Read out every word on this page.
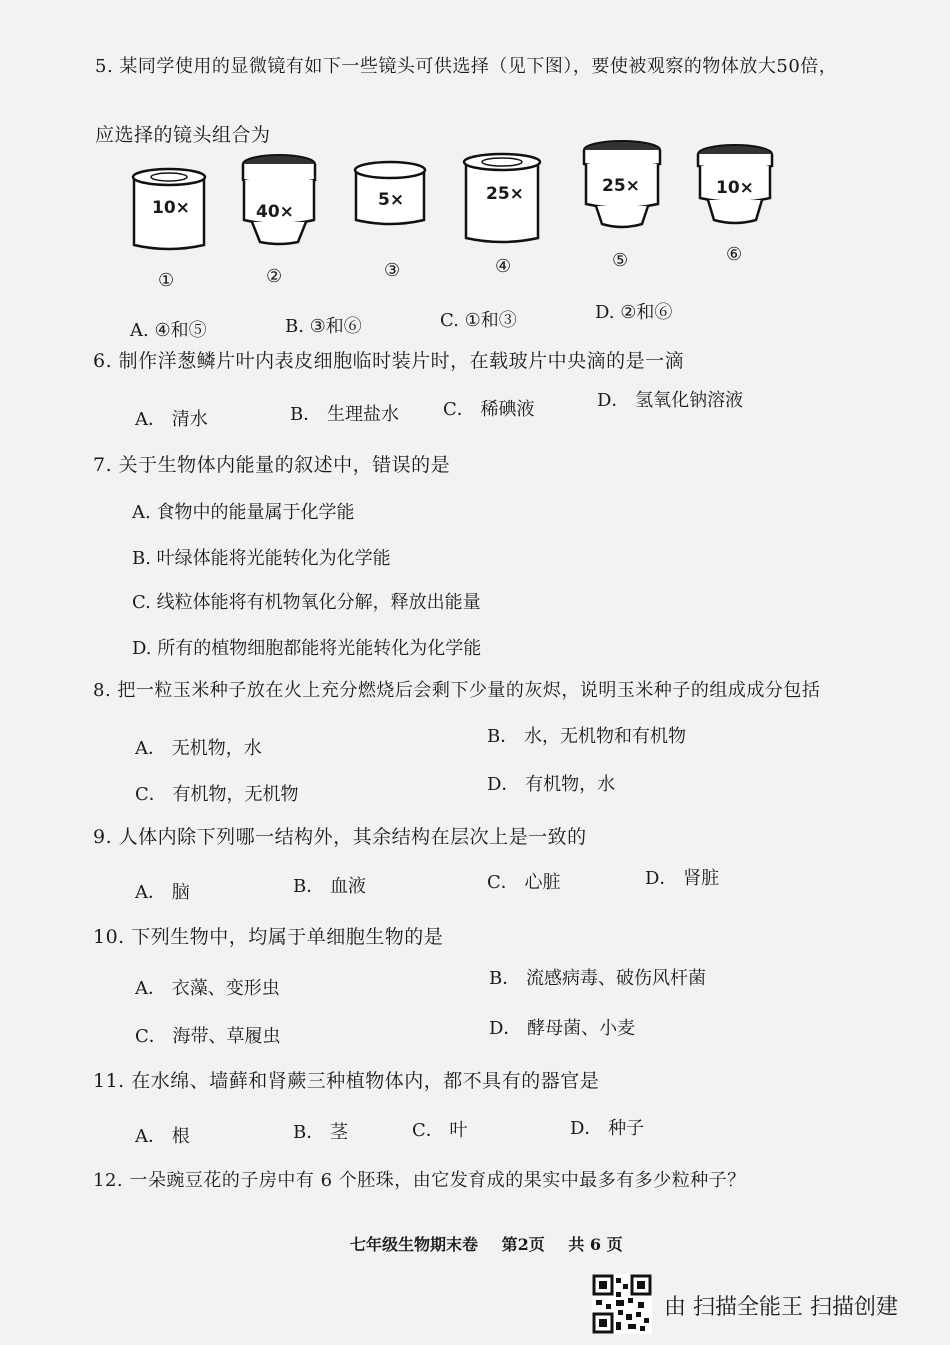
5. 某同学使用的显微镜有如下一些镜头可供选择（见下图），要使被观察的物体放大50倍，
应选择的镜头组合为
10×
①
40×
②
5×
③
25×
④
25×
⑤
10×
⑥
A. ④和⑤	B. ③和⑥	C. ①和③	D. ②和⑥
6. 制作洋葱鳞片叶内表皮细胞临时装片时，在载玻片中央滴的是一滴
A． 清水	B． 生理盐水 C． 稀碘液	D． 氢氧化钠溶液
7. 关于生物体内能量的叙述中，错误的是
A. 食物中的能量属于化学能
B. 叶绿体能将光能转化为化学能
C. 线粒体能将有机物氧化分解，释放出能量
D. 所有的植物细胞都能将光能转化为化学能
8. 把一粒玉米种子放在火上充分燃烧后会剩下少量的灰烬，说明玉米种子的组成成分包括
A． 无机物，水
B． 水，无机物和有机物
C． 有机物，无机物	D． 有机物，水
9. 人体内除下列哪一结构外，其余结构在层次上是一致的
A． 脑	B． 血液	C． 心脏	D． 肾脏
10. 下列生物中，均属于单细胞生物的是
A． 衣藻、变形虫	B． 流感病毒、破伤风杆菌
C． 海带、草履虫	D． 酵母菌、小麦
11. 在水绵、墙藓和肾蕨三种植物体内，都不具有的器官是
A． 根	B． 茎	C． 叶	D． 种子
12. 一朵豌豆花的子房中有 6 个胚珠，由它发育成的果实中最多有多少粒种子？
七年级生物期末卷 第2页 共 6 页
由 扫描全能王 扫描创建
